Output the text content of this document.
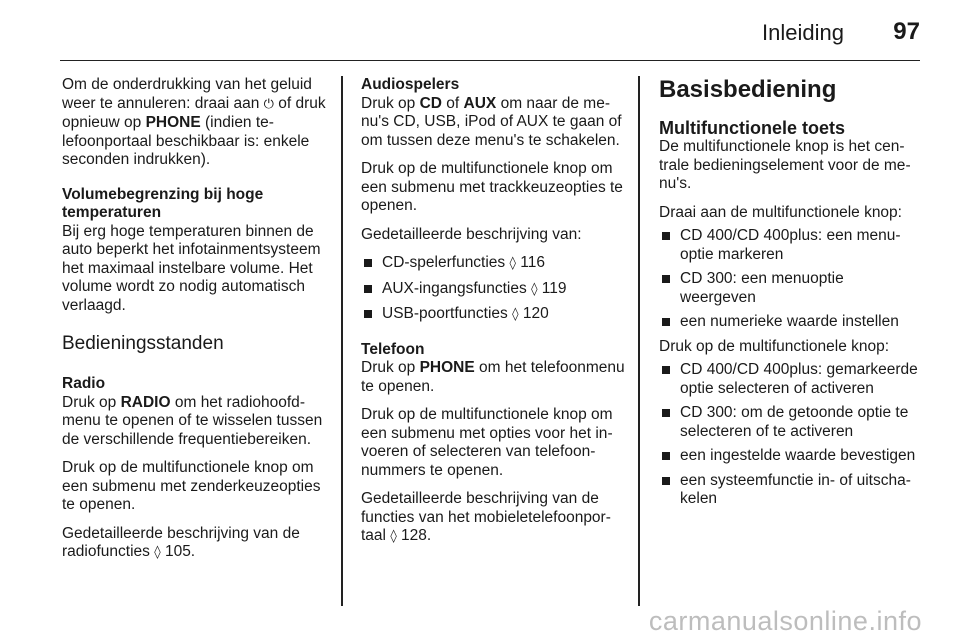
Inleiding 97

Om de onderdrukking van het geluid weer te annuleren: draai aan ⏻ of druk opnieuw op PHONE (indien telefoonportaal beschikbaar is: enkele seconden indrukken).

Volumebegrenzing bij hoge temperaturen

Bij erg hoge temperaturen binnen de auto beperkt het infotainmentsysteem het maximaal instelbare volume. Het volume wordt zo nodig automatisch verlaagd.

Bedieningsstanden
Radio

Druk op RADIO om het radiohoofdmenu te openen of te wisselen tussen de verschillende frequentiebereiken.

Druk op de multifunctionele knop om een submenu met zenderkeuzeopties te openen.

Gedetailleerde beschrijving van de radiofuncties ◊ 105.

Audiospelers

Druk op CD of AUX om naar de menu's CD, USB, iPod of AUX te gaan of om tussen deze menu's te schakelen.

Druk op de multifunctionele knop om een submenu met trackkeuzeopties te openen.

Gedetailleerde beschrijving van:

CD-spelerfuncties ◊ 116
AUX-ingangsfuncties ◊ 119
USB-poortfuncties ◊ 120
Telefoon

Druk op PHONE om het telefoonmenu te openen.

Druk op de multifunctionele knop om een submenu met opties voor het invoeren of selecteren van telefoonnummers te openen.

Gedetailleerde beschrijving van de functies van het mobieletelefoonportaal ◊ 128.

Basisbediening
Multifunctionele toets

De multifunctionele knop is het centrale bedieningselement voor de menu's.

Draai aan de multifunctionele knop:

CD 400/CD 400plus: een menuoptie markeren
CD 300: een menuoptie weergeven
een numerieke waarde instellen

Druk op de multifunctionele knop:

CD 400/CD 400plus: gemarkeerde optie selecteren of activeren
CD 300: om de getoonde optie te selecteren of te activeren
een ingestelde waarde bevestigen
een systeemfunctie in- of uitschakelen
carmanualsonline.info
